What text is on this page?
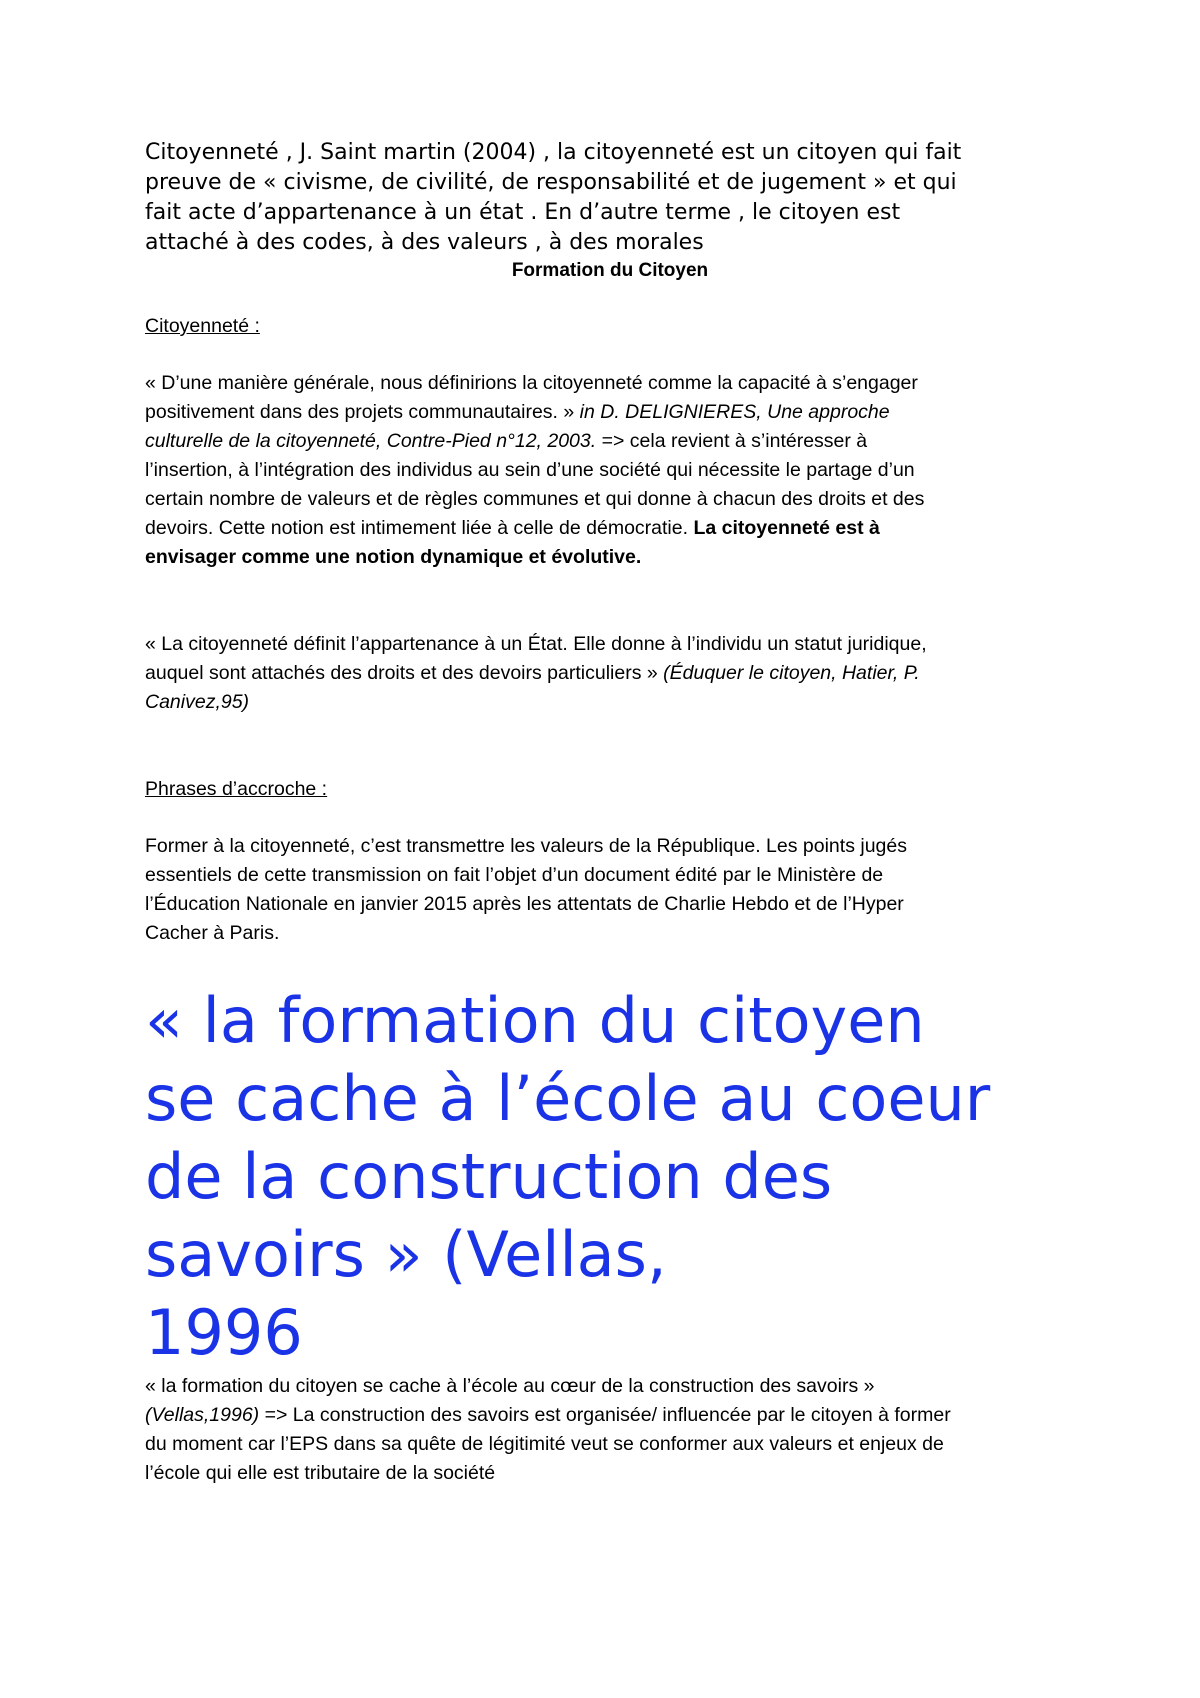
Citoyenneté , J. Saint martin (2004) , la citoyenneté est un citoyen qui fait
preuve de « civisme, de civilité, de responsabilité et de jugement » et qui
fait acte d’appartenance à un état . En d’autre terme , le citoyen est
attaché à des codes, à des valeurs , à des morales

Formation du Citoyen

Citoyenneté :

« D’une manière générale, nous définirions la citoyenneté comme la capacité à s’engager
positivement dans des projets communautaires. » in D. DELIGNIERES, Une approche
culturelle de la citoyenneté, Contre-Pied n°12, 2003. => cela revient à s’intéresser à
l’insertion, à l’intégration des individus au sein d’une société qui nécessite le partage d’un
certain nombre de valeurs et de règles communes et qui donne à chacun des droits et des
devoirs. Cette notion est intimement liée à celle de démocratie. La citoyenneté est à
envisager comme une notion dynamique et évolutive.

« La citoyenneté définit l’appartenance à un État. Elle donne à l’individu un statut juridique,
auquel sont attachés des droits et des devoirs particuliers » (Éduquer le citoyen, Hatier, P.
Canivez,95)

Phrases d’accroche :

Former à la citoyenneté, c’est transmettre les valeurs de la République. Les points jugés
essentiels de cette transmission on fait l’objet d’un document édité par le Ministère de
l’Éducation Nationale en janvier 2015 après les attentats de Charlie Hebdo et de l’Hyper
Cacher à Paris.

« la formation du citoyen
se cache à l’école au coeur
de la construction des
savoirs » (Vellas,
1996

« la formation du citoyen se cache à l’école au cœur de la construction des savoirs »
(Vellas,1996) => La construction des savoirs est organisée/ influencée par le citoyen à former
du moment car l’EPS dans sa quête de légitimité veut se conformer aux valeurs et enjeux de
l’école qui elle est tributaire de la société
